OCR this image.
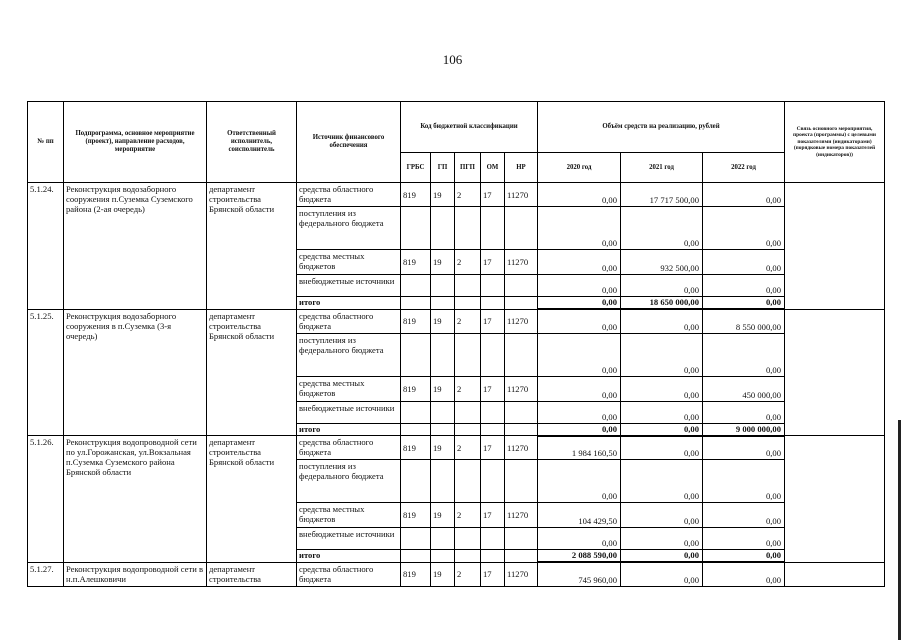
106
№ пп	Подпрограмма, основное мероприятие (проект), направление расходов, мероприятие	Ответственный исполнитель, соисполнитель	Источник финансового обеспечения	Код бюджетной классификации					Объём средств на реализацию, рублей			Связь основного мероприятия, проекта (программы) с целевыми показателями (индикаторами) (порядковые номера показателей (индикаторов))
				ГРБС	ГП	ПГП	ОМ	НР	2020 год	2021 год	2022 год	
5.1.24.	Реконструкция водозаборного сооружения п.Суземка Суземского района (2-ая очередь)	департамент строительства Брянской области	средства областного бюджета	819	19	2	17	11270	0,00	17 717 500,00	0,00	
			поступления из федерального бюджета						0,00	0,00	0,00	
			средства местных бюджетов	819	19	2	17	11270	0,00	932 500,00	0,00	
			внебюджетные источники						0,00	0,00	0,00	
			итого						0,00	18 650 000,00	0,00	
5.1.25.	Реконструкция водозаборного сооружения в п.Суземка (3-я очередь)	департамент строительства Брянской области	средства областного бюджета	819	19	2	17	11270	0,00	0,00	8 550 000,00	
			поступления из федерального бюджета						0,00	0,00	0,00	
			средства местных бюджетов	819	19	2	17	11270	0,00	0,00	450 000,00	
			внебюджетные источники						0,00	0,00	0,00	
			итого						0,00	0,00	9 000 000,00	
5.1.26.	Реконструкция водопроводной сети по ул.Горожанская, ул.Вокзальная п.Суземка Суземского района Брянской области	департамент строительства Брянской области	средства областного бюджета	819	19	2	17	11270	1 984 160,50	0,00	0,00	
			поступления из федерального бюджета						0,00	0,00	0,00	
			средства местных бюджетов	819	19	2	17	11270	104 429,50	0,00	0,00	
			внебюджетные источники						0,00	0,00	0,00	
			итого						2 088 590,00	0,00	0,00	
5.1.27.	Реконструкция водопроводной сети в н.п.Алешковичи	департамент строительства	средства областного бюджета	819	19	2	17	11270	745 960,00	0,00	0,00	
